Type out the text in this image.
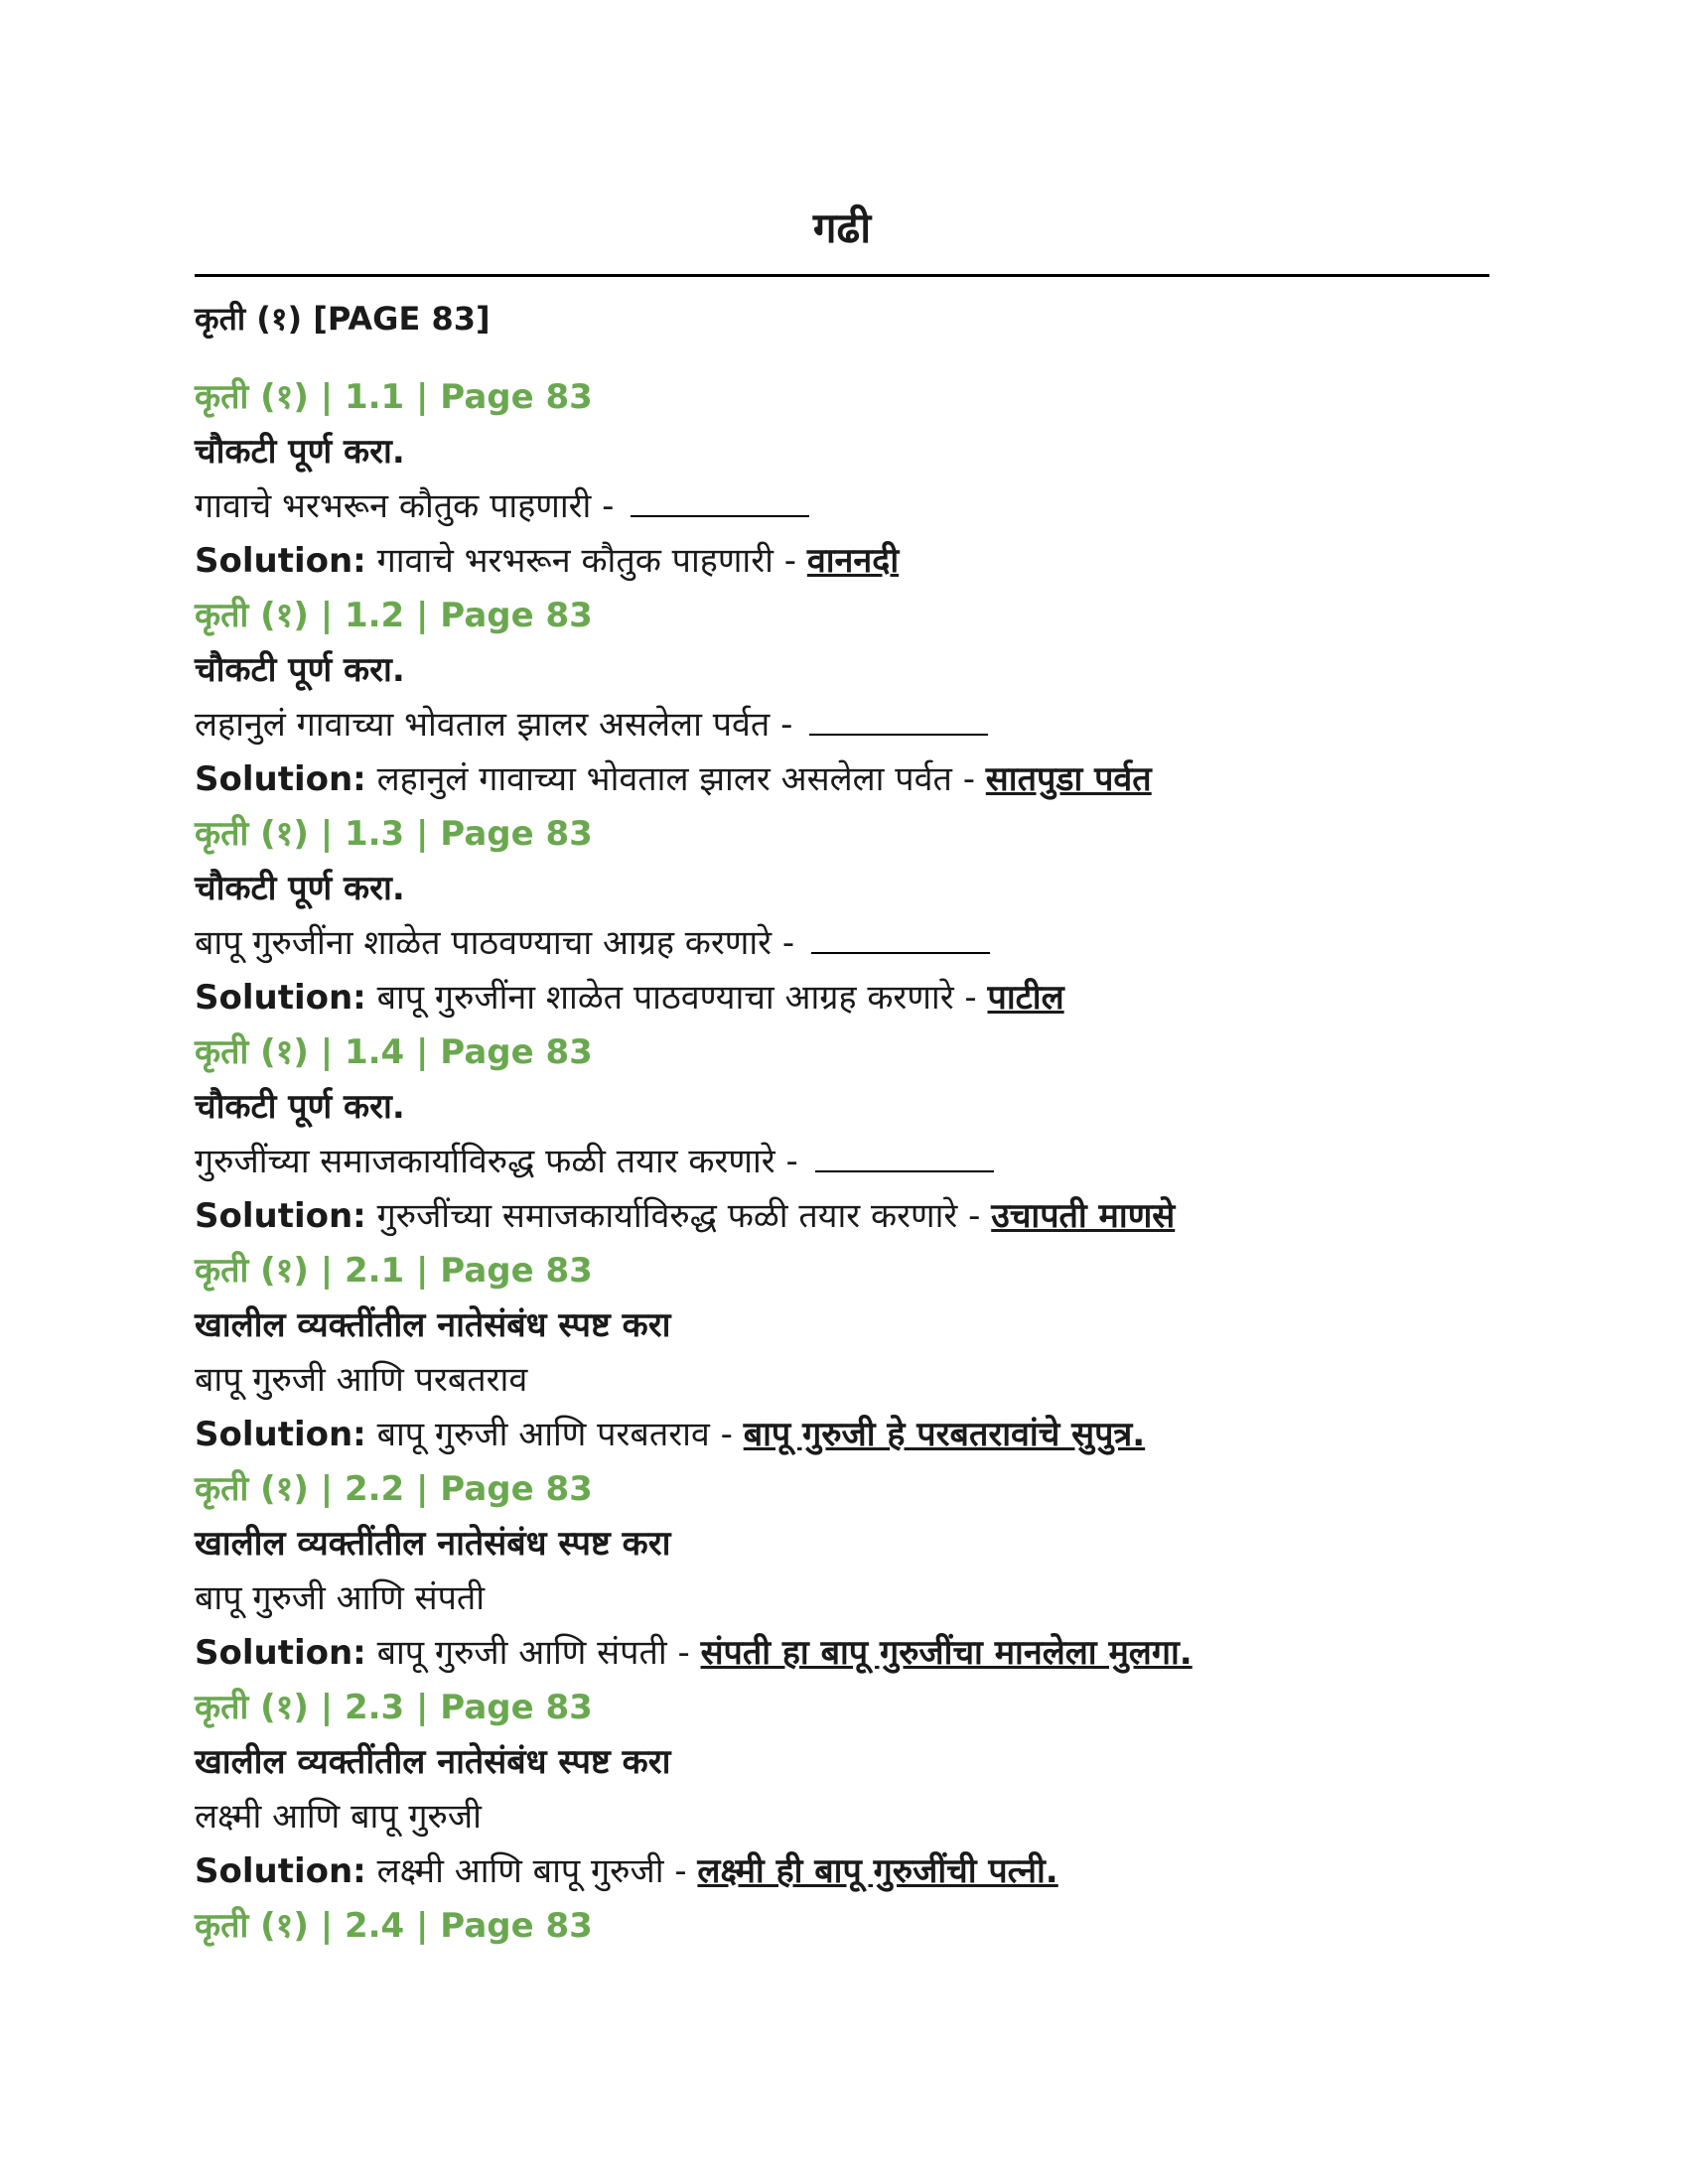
गढी
कृती (१) [PAGE 83]
कृती (१) | 1.1 | Page 83
चौकटी पूर्ण करा.
गावाचे भरभरून कौतुक पाहणारी -
Solution: गावाचे भरभरून कौतुक पाहणारी - वाननदी
कृती (१) | 1.2 | Page 83
चौकटी पूर्ण करा.
लहानुलं गावाच्या भोवताल झालर असलेला पर्वत -
Solution: लहानुलं गावाच्या भोवताल झालर असलेला पर्वत - सातपुडा पर्वत
कृती (१) | 1.3 | Page 83
चौकटी पूर्ण करा.
बापू गुरुजींना शाळेत पाठवण्याचा आग्रह करणारे -
Solution: बापू गुरुजींना शाळेत पाठवण्याचा आग्रह करणारे - पाटील
कृती (१) | 1.4 | Page 83
चौकटी पूर्ण करा.
गुरुजींच्या समाजकार्याविरुद्ध फळी तयार करणारे -
Solution: गुरुजींच्या समाजकार्याविरुद्ध फळी तयार करणारे - उचापती माणसे
कृती (१) | 2.1 | Page 83
खालील व्यक्तींतील नातेसंबंध स्पष्ट करा
बापू गुरुजी आणि परबतराव
Solution: बापू गुरुजी आणि परबतराव - बापू गुरुजी हे परबतरावांचे सुपुत्र.
कृती (१) | 2.2 | Page 83
खालील व्यक्तींतील नातेसंबंध स्पष्ट करा
बापू गुरुजी आणि संपती
Solution: बापू गुरुजी आणि संपती - संपती हा बापू गुरुजींचा मानलेला मुलगा.
कृती (१) | 2.3 | Page 83
खालील व्यक्तींतील नातेसंबंध स्पष्ट करा
लक्ष्मी आणि बापू गुरुजी
Solution: लक्ष्मी आणि बापू गुरुजी - लक्ष्मी ही बापू गुरुजींची पत्नी.
कृती (१) | 2.4 | Page 83
